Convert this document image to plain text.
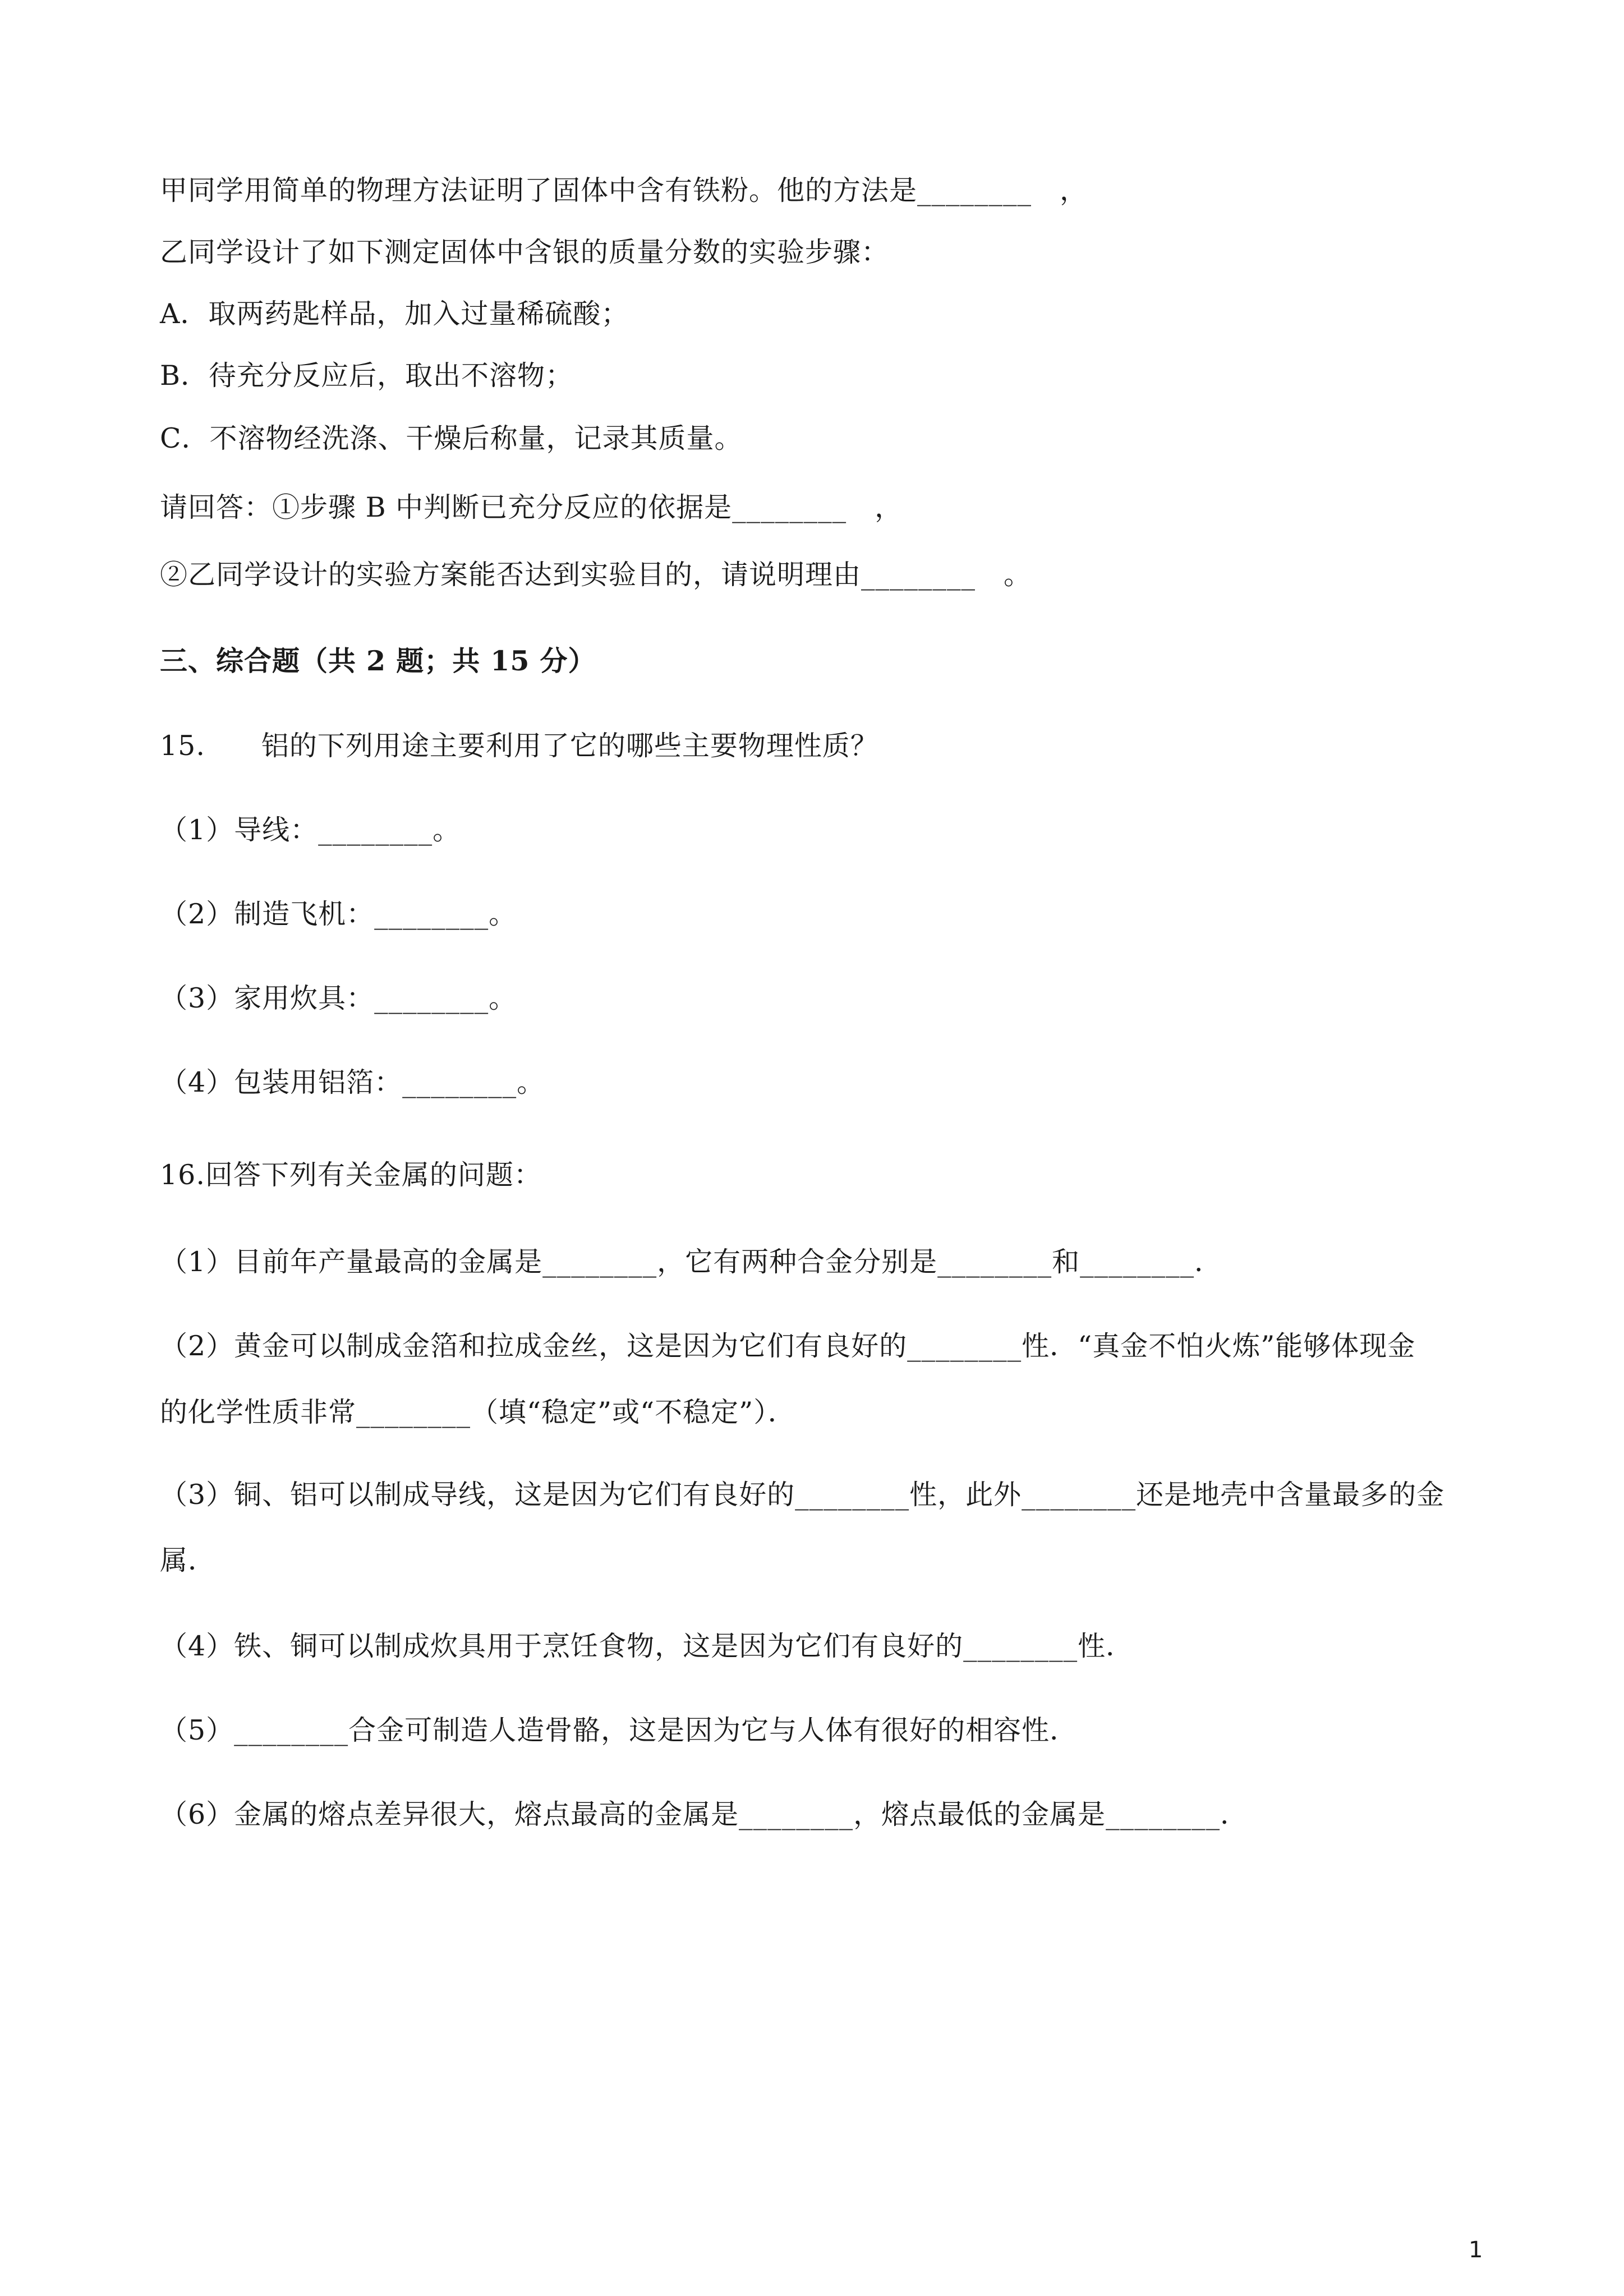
甲同学用简单的物理方法证明了固体中含有铁粉。他的方法是________　，
乙同学设计了如下测定固体中含银的质量分数的实验步骤：
A．取两药匙样品，加入过量稀硫酸；
B．待充分反应后，取出不溶物；
C．不溶物经洗涤、干燥后称量，记录其质量。
请回答：①步骤 B 中判断已充分反应的依据是________　，
②乙同学设计的实验方案能否达到实验目的，请说明理由________　。
三、综合题（共 2 题；共 15 分）
15.　　铝的下列用途主要利用了它的哪些主要物理性质？
（1）导线：________。
（2）制造飞机：________。
（3）家用炊具：________。
（4）包装用铝箔：________。
16.回答下列有关金属的问题：
（1）目前年产量最高的金属是________，它有两种合金分别是________和________．
（2）黄金可以制成金箔和拉成金丝，这是因为它们有良好的________性．“真金不怕火炼”能够体现金
的化学性质非常________（填“稳定”或“不稳定”）．
（3）铜、铝可以制成导线，这是因为它们有良好的________性，此外________还是地壳中含量最多的金
属．
（4）铁、铜可以制成炊具用于烹饪食物，这是因为它们有良好的________性．
（5）________合金可制造人造骨骼，这是因为它与人体有很好的相容性．
（6）金属的熔点差异很大，熔点最高的金属是________，熔点最低的金属是________．
1
